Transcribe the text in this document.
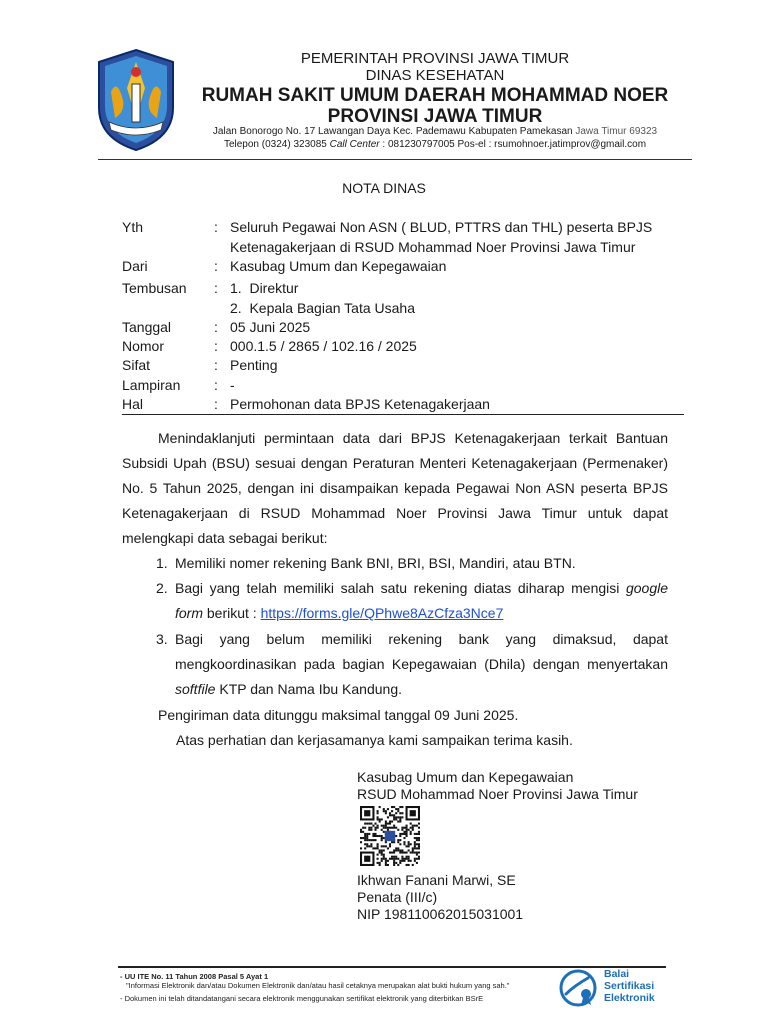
PEMERINTAH PROVINSI JAWA TIMUR
DINAS KESEHATAN
RUMAH SAKIT UMUM DAERAH MOHAMMAD NOER
PROVINSI JAWA TIMUR
Jalan Bonorogo No. 17 Lawangan Daya Kec. Pademawu Kabupaten Pamekasan Jawa Timur 69323
Telepon (0324) 323085 Call Center : 081230797005 Pos-el : rsumohnoer.jatimprov@gmail.com
NOTA DINAS
Yth	: Seluruh Pegawai Non ASN ( BLUD, PTTRS dan THL) peserta BPJS
Ketenagakerjaan di RSUD Mohammad Noer Provinsi Jawa Timur
Dari	: Kasubag Umum dan Kepegawaian
Tembusan : 1.  Direktur
2.  Kepala Bagian Tata Usaha
Tanggal	: 05 Juni 2025
Nomor	: 000.1.5 / 2865 / 102.16 / 2025
Sifat	: Penting
Lampiran : -
Hal	: Permohonan data BPJS Ketenagakerjaan
Menindaklanjuti permintaan data dari BPJS Ketenagakerjaan terkait Bantuan Subsidi Upah (BSU) sesuai dengan Peraturan Menteri Ketenagakerjaan (Permenaker) No. 5 Tahun 2025, dengan ini disampaikan kepada Pegawai Non ASN peserta BPJS Ketenagakerjaan di RSUD Mohammad Noer Provinsi Jawa Timur untuk dapat melengkapi data sebagai berikut:
1. Memiliki nomer rekening Bank BNI, BRI, BSI, Mandiri, atau BTN.
2. Bagi yang telah memiliki salah satu rekening diatas diharap mengisi google form berikut : https://forms.gle/QPhwe8AzCfza3Nce7
3. Bagi yang belum memiliki rekening bank yang dimaksud, dapat mengkoordinasikan pada bagian Kepegawaian (Dhila) dengan menyertakan softfile KTP dan Nama Ibu Kandung.
Pengiriman data ditunggu maksimal tanggal 09 Juni 2025.
Atas perhatian dan kerjasamanya kami sampaikan terima kasih.
Kasubag Umum dan Kepegawaian
RSUD Mohammad Noer Provinsi Jawa Timur
Ikhwan Fanani Marwi, SE
Penata (III/c)
NIP 198110062015031001
- UU ITE No. 11 Tahun 2008 Pasal 5 Ayat 1
"Informasi Elektronik dan/atau Dokumen Elektronik dan/atau hasil cetaknya merupakan alat bukti hukum yang sah."
- Dokumen ini telah ditandatangani secara elektronik menggunakan sertifikat elektronik yang diterbitkan BSrE
Balai
Sertifikasi
Elektronik
